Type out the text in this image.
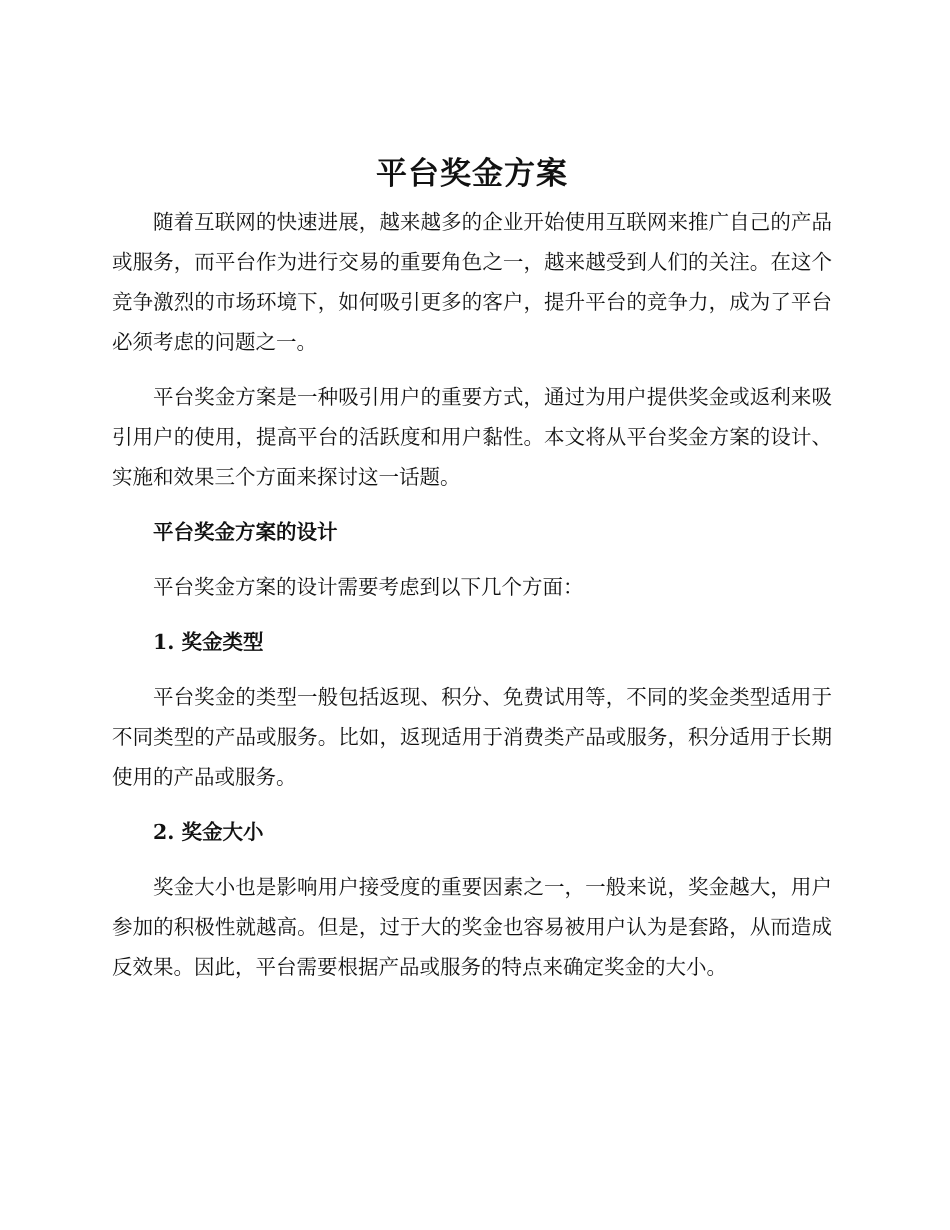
平台奖金方案

随着互联网的快速进展，越来越多的企业开始使用互联网来推广自己的产品或服务，而平台作为进行交易的重要角色之一，越来越受到人们的关注。在这个竞争激烈的市场环境下，如何吸引更多的客户，提升平台的竞争力，成为了平台必须考虑的问题之一。

平台奖金方案是一种吸引用户的重要方式，通过为用户提供奖金或返利来吸引用户的使用，提高平台的活跃度和用户黏性。本文将从平台奖金方案的设计、实施和效果三个方面来探讨这一话题。

平台奖金方案的设计

平台奖金方案的设计需要考虑到以下几个方面：

1. 奖金类型

平台奖金的类型一般包括返现、积分、免费试用等，不同的奖金类型适用于不同类型的产品或服务。比如，返现适用于消费类产品或服务，积分适用于长期使用的产品或服务。

2. 奖金大小

奖金大小也是影响用户接受度的重要因素之一，一般来说，奖金越大，用户参加的积极性就越高。但是，过于大的奖金也容易被用户认为是套路，从而造成反效果。因此，平台需要根据产品或服务的特点来确定奖金的大小。
